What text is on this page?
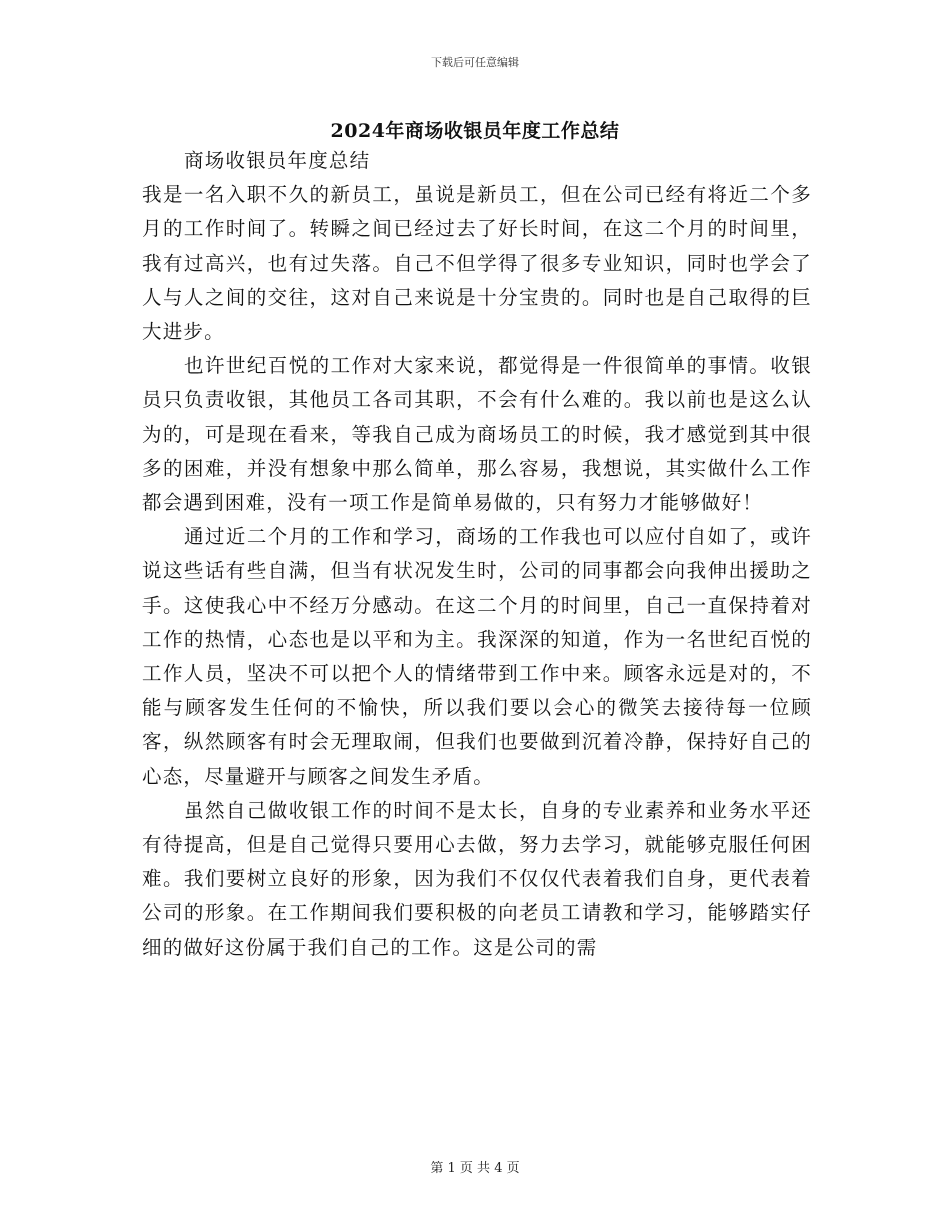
下载后可任意编辑
2024年商场收银员年度工作总结

商场收银员年度总结

我是一名入职不久的新员工，虽说是新员工，但在公司已经有将近二个多月的工作时间了。转瞬之间已经过去了好长时间，在这二个月的时间里，我有过高兴，也有过失落。自己不但学得了很多专业知识，同时也学会了人与人之间的交往，这对自己来说是十分宝贵的。同时也是自己取得的巨大进步。

也许世纪百悦的工作对大家来说，都觉得是一件很简单的事情。收银员只负责收银，其他员工各司其职，不会有什么难的。我以前也是这么认为的，可是现在看来，等我自己成为商场员工的时候，我才感觉到其中很多的困难，并没有想象中那么简单，那么容易，我想说，其实做什么工作都会遇到困难，没有一项工作是简单易做的，只有努力才能够做好！

通过近二个月的工作和学习，商场的工作我也可以应付自如了，或许说这些话有些自满，但当有状况发生时，公司的同事都会向我伸出援助之手。这使我心中不经万分感动。在这二个月的时间里，自己一直保持着对工作的热情，心态也是以平和为主。我深深的知道，作为一名世纪百悦的工作人员，坚决不可以把个人的情绪带到工作中来。顾客永远是对的，不能与顾客发生任何的不愉快，所以我们要以会心的微笑去接待每一位顾客，纵然顾客有时会无理取闹，但我们也要做到沉着冷静，保持好自己的心态，尽量避开与顾客之间发生矛盾。

虽然自己做收银工作的时间不是太长，自身的专业素养和业务水平还有待提高，但是自己觉得只要用心去做，努力去学习，就能够克服任何困难。我们要树立良好的形象，因为我们不仅仅代表着我们自身，更代表着公司的形象。在工作期间我们要积极的向老员工请教和学习，能够踏实仔细的做好这份属于我们自己的工作。这是公司的需

第 1 页 共 4 页
